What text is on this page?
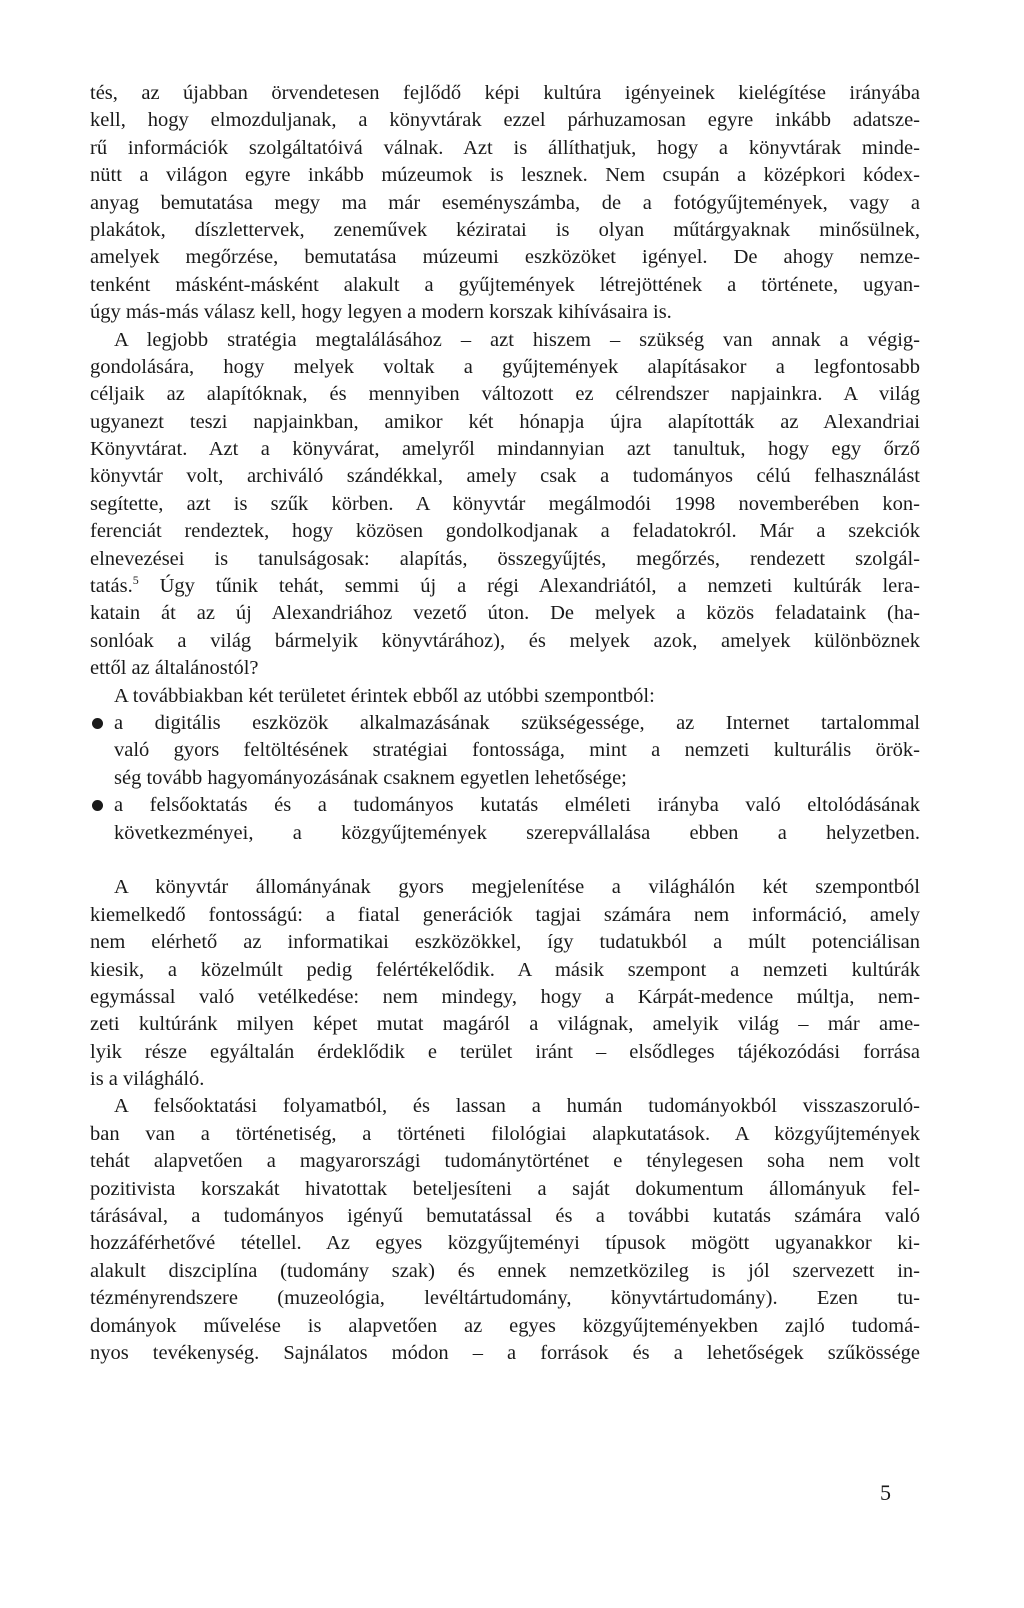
tés, az újabban örvendetesen fejlődő képi kultúra igényeinek kielégítése irányába
kell, hogy elmozduljanak, a könyvtárak ezzel párhuzamosan egyre inkább adatsze-
rű információk szolgáltatóivá válnak. Azt is állíthatjuk, hogy a könyvtárak minde-
nütt a világon egyre inkább múzeumok is lesznek. Nem csupán a középkori kódex-
anyag bemutatása megy ma már eseményszámba, de a fotógyűjtemények, vagy a
plakátok, díszlettervek, zeneművek kéziratai is olyan műtárgyaknak minősülnek,
amelyek megőrzése, bemutatása múzeumi eszközöket igényel. De ahogy nemze-
tenként másként-másként alakult a gyűjtemények létrejöttének a története, ugyan-
úgy más-más válasz kell, hogy legyen a modern korszak kihívásaira is.
A legjobb stratégia megtalálásához – azt hiszem – szükség van annak a végig-
gondolására, hogy melyek voltak a gyűjtemények alapításakor a legfontosabb
céljaik az alapítóknak, és mennyiben változott ez célrendszer napjainkra. A világ
ugyanezt teszi napjainkban, amikor két hónapja újra alapították az Alexandriai
Könyvtárat. Azt a könyvárat, amelyről mindannyian azt tanultuk, hogy egy őrző
könyvtár volt, archiváló szándékkal, amely csak a tudományos célú felhasználást
segítette, azt is szűk körben. A könyvtár megálmodói 1998 novemberében kon-
ferenciát rendeztek, hogy közösen gondolkodjanak a feladatokról. Már a szekciók
elnevezései is tanulságosak: alapítás, összegyűjtés, megőrzés, rendezett szolgál-
tatás.$^5$ Úgy tűnik tehát, semmi új a régi Alexandriától, a nemzeti kultúrák lera-
katain át az új Alexandriához vezető úton. De melyek a közös feladataink (ha-
sonlóak a világ bármelyik könyvtárához), és melyek azok, amelyek különböznek
ettől az általánostól?
A továbbiakban két területet érintek ebből az utóbbi szempontból:
a digitális eszközök alkalmazásának szükségessége, az Internet tartalommal
való gyors feltöltésének stratégiai fontossága, mint a nemzeti kulturális örök-
ség tovább hagyományozásának csaknem egyetlen lehetősége;
a felsőoktatás és a tudományos kutatás elméleti irányba való eltolódásának
következményei, a közgyűjtemények szerepvállalása ebben a helyzetben.
A könyvtár állományának gyors megjelenítése a világhálón két szempontból
kiemelkedő fontosságú: a fiatal generációk tagjai számára nem információ, amely
nem elérhető az informatikai eszközökkel, így tudatukból a múlt potenciálisan
kiesik, a közelmúlt pedig felértékelődik. A másik szempont a nemzeti kultúrák
egymással való vetélkedése: nem mindegy, hogy a Kárpát-medence múltja, nem-
zeti kultúránk milyen képet mutat magáról a világnak, amelyik világ – már ame-
lyik része egyáltalán érdeklődik e terület iránt – elsődleges tájékozódási forrása
is a világháló.
A felsőoktatási folyamatból, és lassan a humán tudományokból visszaszoruló-
ban van a történetiség, a történeti filológiai alapkutatások. A közgyűjtemények
tehát alapvetően a magyarországi tudománytörténet e ténylegesen soha nem volt
pozitivista korszakát hivatottak beteljesíteni a saját dokumentum állományuk fel-
tárásával, a tudományos igényű bemutatással és a további kutatás számára való
hozzáférhetővé tétellel. Az egyes közgyűjteményi típusok mögött ugyanakkor ki-
alakult diszciplína (tudomány szak) és ennek nemzetközileg is jól szervezett in-
tézményrendszere (muzeológia, levéltártudomány, könyvtártudomány). Ezen tu-
dományok művelése is alapvetően az egyes közgyűjteményekben zajló tudomá-
nyos tevékenység. Sajnálatos módon – a források és a lehetőségek szűkössége
5
